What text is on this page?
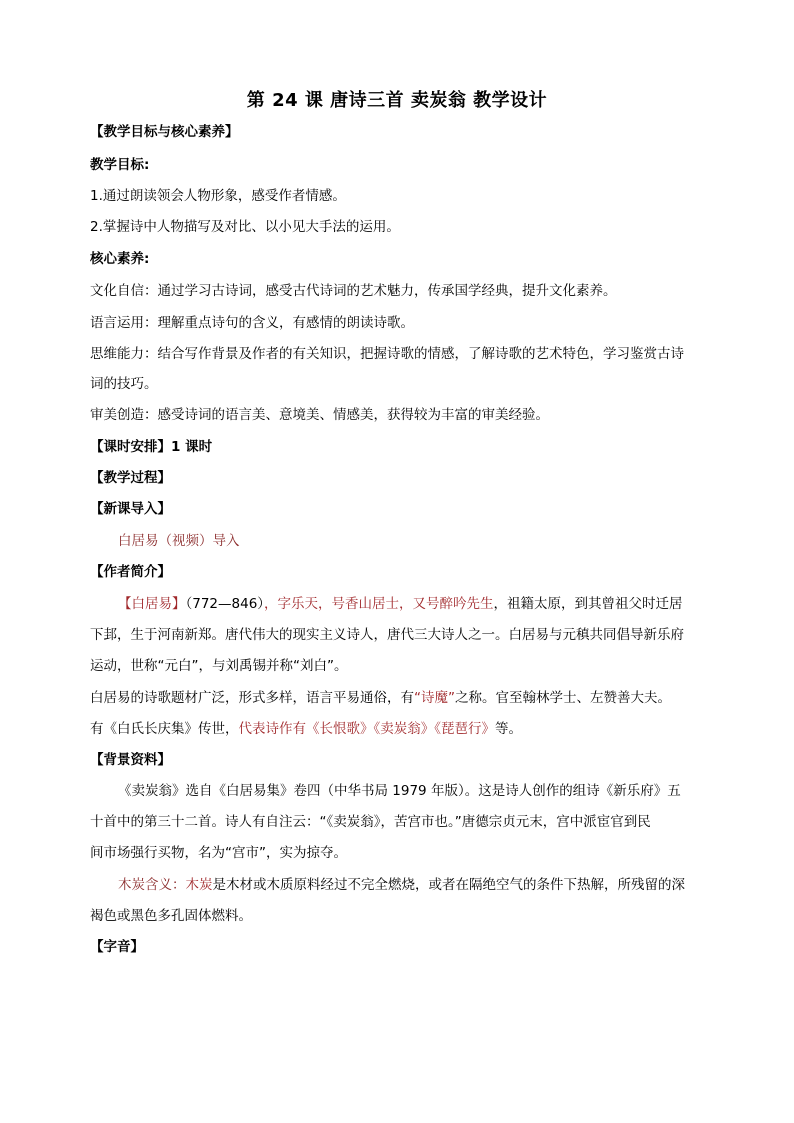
第 24 课 唐诗三首 卖炭翁 教学设计
【教学目标与核心素养】
教学目标:
1.通过朗读领会人物形象，感受作者情感。
2.掌握诗中人物描写及对比、以小见大手法的运用。
核心素养:
文化自信：通过学习古诗词，感受古代诗词的艺术魅力，传承国学经典，提升文化素养。
语言运用：理解重点诗句的含义，有感情的朗读诗歌。
思维能力：结合写作背景及作者的有关知识，把握诗歌的情感，了解诗歌的艺术特色，学习鉴赏古诗
词的技巧。
审美创造：感受诗词的语言美、意境美、情感美，获得较为丰富的审美经验。
【课时安排】1 课时
【教学过程】
【新课导入】
白居易（视频）导入
【作者简介】
【白居易】（772—846），字乐天，号香山居士，又号醉吟先生，祖籍太原，到其曾祖父时迁居
下邽，生于河南新郑。唐代伟大的现实主义诗人，唐代三大诗人之一。白居易与元稹共同倡导新乐府
运动，世称“元白”，与刘禹锡并称“刘白”。
白居易的诗歌题材广泛，形式多样，语言平易通俗，有“诗魔”之称。官至翰林学士、左赞善大夫。
有《白氏长庆集》传世，代表诗作有《长恨歌》《卖炭翁》《琵琶行》等。
【背景资料】
《卖炭翁》选自《白居易集》卷四（中华书局 1979 年版）。这是诗人创作的组诗《新乐府》五
十首中的第三十二首。诗人有自注云：“《卖炭翁》，苦宫市也。”唐德宗贞元末，宫中派宦官到民
间市场强行买物，名为“宫市”，实为掠夺。
木炭含义：木炭是木材或木质原料经过不完全燃烧，或者在隔绝空气的条件下热解，所残留的深
褐色或黑色多孔固体燃料。
【字音】
